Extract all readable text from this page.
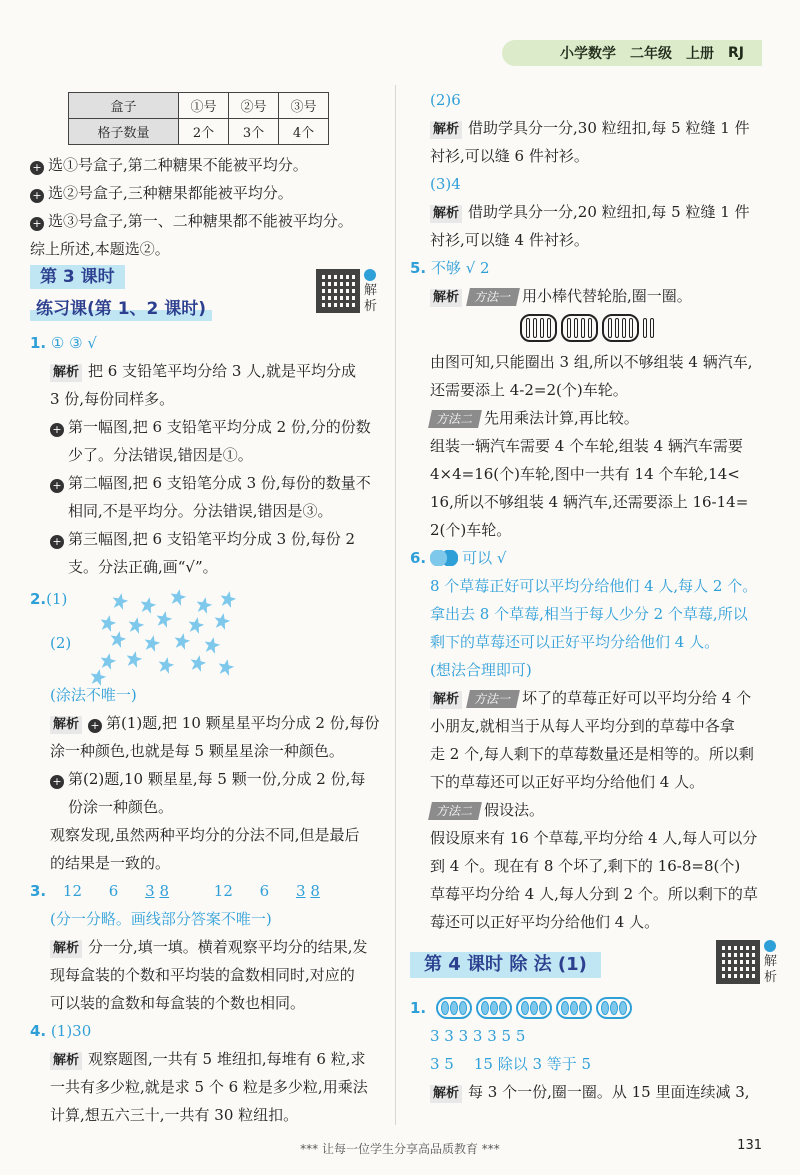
小学数学 二年级 上册 RJ
盒子	①号	②号	③号
格子数量	2个	3个	4个
+ 选①号盒子,第二种糖果不能被平均分。
+ 选②号盒子,三种糖果都能被平均分。
+ 选③号盒子,第一、二种糖果都不能被平均分。
综上所述,本题选②。
第 3 课时
练习课(第 1、2 课时)
解析
1. ① ③ √
解析 把 6 支铅笔平均分给 3 人,就是平均分成
3 份,每份同样多。
+ 第一幅图,把 6 支铅笔平均分成 2 份,分的份数
少了。分法错误,错因是①。
+ 第二幅图,把 6 支铅笔分成 3 份,每份的数量不
相同,不是平均分。分法错误,错因是③。
+ 第三幅图,把 6 支铅笔平均分成 3 份,每份 2
支。分法正确,画“√”。
2.(1)
(2)
(涂法不唯一)
解析 + 第(1)题,把 10 颗星星平均分成 2 份,每份
涂一种颜色,也就是每 5 颗星星涂一种颜色。
+ 第(2)题,10 颗星星,每 5 颗一份,分成 2 份,每
份涂一种颜色。
观察发现,虽然两种平均分的分法不同,但是最后
的结果是一致的。
3. 12 6 3 8	12 6 3 8
(分一分略。画线部分答案不唯一)
解析 分一分,填一填。横着观察平均分的结果,发
现每盒装的个数和平均装的盒数相同时,对应的
可以装的盒数和每盒装的个数也相同。
4. (1)30
解析 观察题图,一共有 5 堆纽扣,每堆有 6 粒,求
一共有多少粒,就是求 5 个 6 粒是多少粒,用乘法
计算,想五六三十,一共有 30 粒纽扣。
(2)6
解析 借助学具分一分,30 粒纽扣,每 5 粒缝 1 件
衬衫,可以缝 6 件衬衫。
(3)4
解析 借助学具分一分,20 粒纽扣,每 5 粒缝 1 件
衬衫,可以缝 4 件衬衫。
5. 不够 √ 2
解析 方法一 用小棒代替轮胎,圈一圈。
由图可知,只能圈出 3 组,所以不够组装 4 辆汽车,
还需要添上 4-2=2(个)车轮。
方法二 先用乘法计算,再比较。
组装一辆汽车需要 4 个车轮,组装 4 辆汽车需要
4×4=16(个)车轮,图中一共有 14 个车轮,14<
16,所以不够组装 4 辆汽车,还需要添上 16-14=
2(个)车轮。
6. 可以 √
8 个草莓正好可以平均分给他们 4 人,每人 2 个。
拿出去 8 个草莓,相当于每人少分 2 个草莓,所以
剩下的草莓还可以正好平均分给他们 4 人。
(想法合理即可)
解析 方法一 坏了的草莓正好可以平均分给 4 个
小朋友,就相当于从每人平均分到的草莓中各拿
走 2 个,每人剩下的草莓数量还是相等的。所以剩
下的草莓还可以正好平均分给他们 4 人。
方法二 假设法。
假设原来有 16 个草莓,平均分给 4 人,每人可以分
到 4 个。现在有 8 个坏了,剩下的 16-8=8(个)
草莓平均分给 4 人,每人分到 2 个。所以剩下的草
莓还可以正好平均分给他们 4 人。
第 4 课时 除 法 (1)	解析
1.
3 3 3 3 3 5 5
3 5 15 除以 3 等于 5
解析 每 3 个一份,圈一圈。从 15 里面连续减 3,
*** 让每一位学生分享高品质教育 ***	131
